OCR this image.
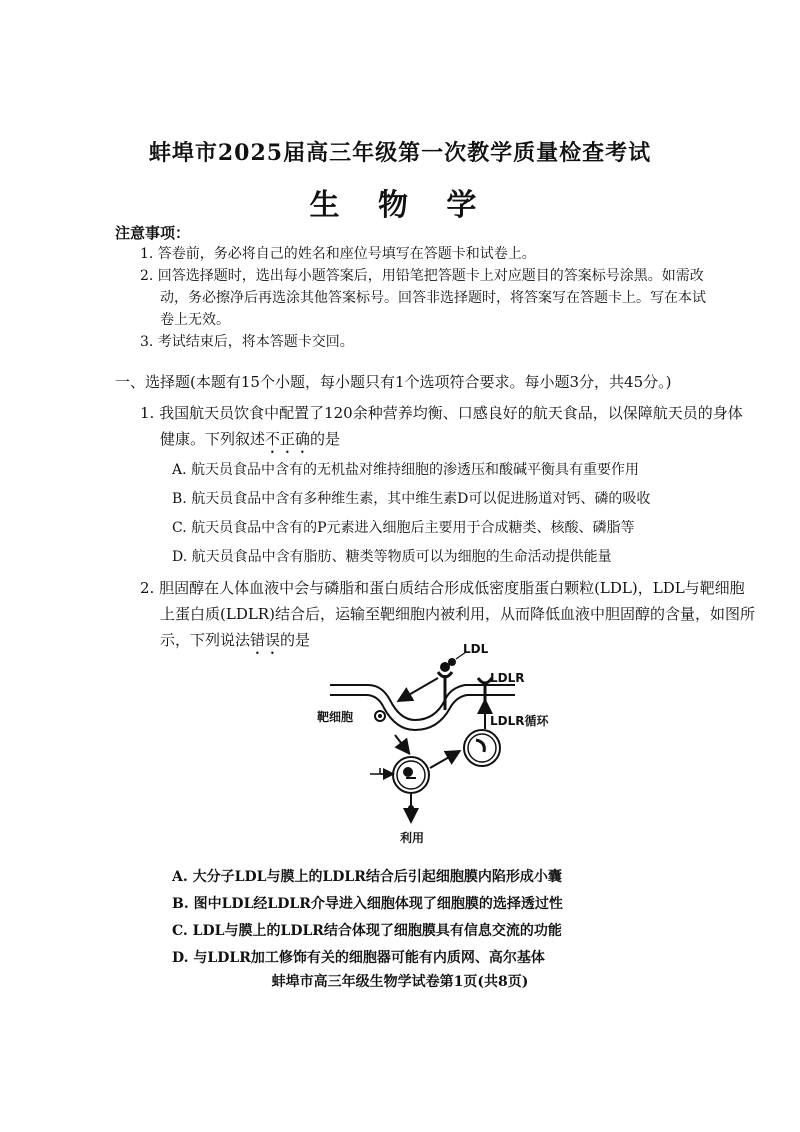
蚌埠市2025届高三年级第一次教学质量检查考试
生 物 学
注意事项：
1. 答卷前，务必将自己的姓名和座位号填写在答题卡和试卷上。
2. 回答选择题时，选出每小题答案后，用铅笔把答题卡上对应题目的答案标号涂黑。如需改
动，务必擦净后再选涂其他答案标号。回答非选择题时，将答案写在答题卡上。写在本试
卷上无效。
3. 考试结束后，将本答题卡交回。
一、选择题(本题有15个小题，每小题只有1个选项符合要求。每小题3分，共45分。)
1. 我国航天员饮食中配置了120余种营养均衡、口感良好的航天食品，以保障航天员的身体
健康。下列叙述不正确的是
A. 航天员食品中含有的无机盐对维持细胞的渗透压和酸碱平衡具有重要作用
B. 航天员食品中含有多种维生素，其中维生素D可以促进肠道对钙、磷的吸收
C. 航天员食品中含有的P元素进入细胞后主要用于合成糖类、核酸、磷脂等
D. 航天员食品中含有脂肪、糖类等物质可以为细胞的生命活动提供能量
2. 胆固醇在人体血液中会与磷脂和蛋白质结合形成低密度脂蛋白颗粒(LDL)，LDL与靶细胞
上蛋白质(LDLR)结合后，运输至靶细胞内被利用，从而降低血液中胆固醇的含量，如图所
示，下列说法错误的是	LDL
LDLR
靶细胞	LDLR循环
利用
A. 大分子LDL与膜上的LDLR结合后引起细胞膜内陷形成小囊
B. 图中LDL经LDLR介导进入细胞体现了细胞膜的选择透过性
C. LDL与膜上的LDLR结合体现了细胞膜具有信息交流的功能
D. 与LDLR加工修饰有关的细胞器可能有内质网、高尔基体
蚌埠市高三年级生物学试卷第1页(共8页)
